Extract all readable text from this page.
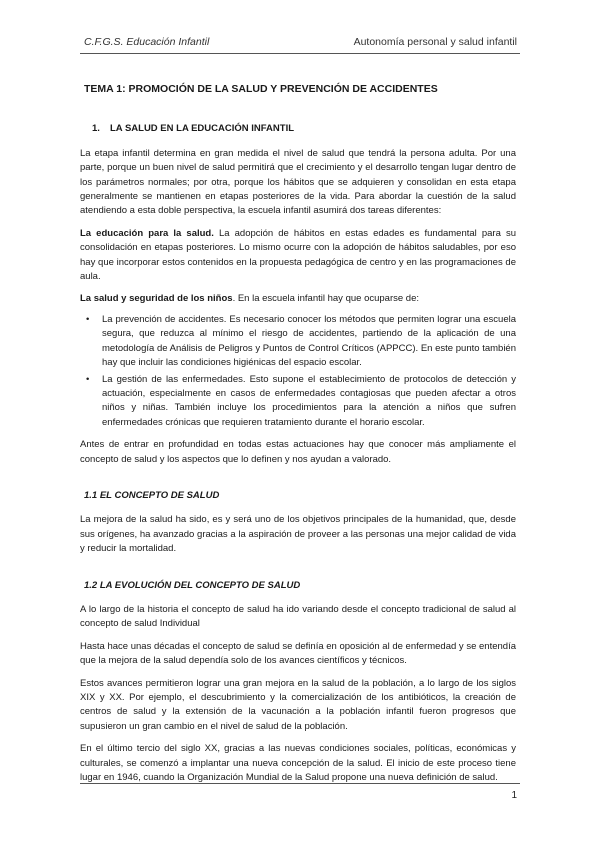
C.F.G.S. Educación Infantil	Autonomía personal y salud infantil
TEMA 1: PROMOCIÓN DE LA SALUD Y PREVENCIÓN DE ACCIDENTES
1. LA SALUD EN LA EDUCACIÓN INFANTIL

La etapa infantil determina en gran medida el nivel de salud que tendrá la persona adulta. Por una parte, porque un buen nivel de salud permitirá que el crecimiento y el desarrollo tengan lugar dentro de los parámetros normales; por otra, porque los hábitos que se adquieren y consolidan en esta etapa generalmente se mantienen en etapas posteriores de la vida. Para abordar la cuestión de la salud atendiendo a esta doble perspectiva, la escuela infantil asumirá dos tareas diferentes:

La educación para la salud. La adopción de hábitos en estas edades es fundamental para su consolidación en etapas posteriores. Lo mismo ocurre con la adopción de hábitos saludables, por eso hay que incorporar estos contenidos en la propuesta pedagógica de centro y en las programaciones de aula.

La salud y seguridad de los niños. En la escuela infantil hay que ocuparse de:

• La prevención de accidentes. Es necesario conocer los métodos que permiten lograr una escuela segura, que reduzca al mínimo el riesgo de accidentes, partiendo de la aplicación de una metodología de Análisis de Peligros y Puntos de Control Críticos (APPCC). En este punto también hay que incluir las condiciones higiénicas del espacio escolar.
• La gestión de las enfermedades. Esto supone el establecimiento de protocolos de detección y actuación, especialmente en casos de enfermedades contagiosas que pueden afectar a otros niños y niñas. También incluye los procedimientos para la atención a niños que sufren enfermedades crónicas que requieren tratamiento durante el horario escolar.

Antes de entrar en profundidad en todas estas actuaciones hay que conocer más ampliamente el concepto de salud y los aspectos que lo definen y nos ayudan a valorado.

1.1 EL CONCEPTO DE SALUD

La mejora de la salud ha sido, es y será uno de los objetivos principales de la humanidad, que, desde sus orígenes, ha avanzado gracias a la aspiración de proveer a las personas una mejor calidad de vida y reducir la mortalidad.

1.2 LA EVOLUCIÓN DEL CONCEPTO DE SALUD

A lo largo de la historia el concepto de salud ha ido variando desde el concepto tradicional de salud al concepto de salud Individual

Hasta hace unas décadas el concepto de salud se definía en oposición al de enfermedad y se entendía que la mejora de la salud dependía solo de los avances científicos y técnicos.

Estos avances permitieron lograr una gran mejora en la salud de la población, a lo largo de los siglos XIX y XX. Por ejemplo, el descubrimiento y la comercialización de los antibióticos, la creación de centros de salud y la extensión de la vacunación a la población infantil fueron progresos que supusieron un gran cambio en el nivel de salud de la población.

En el último tercio del siglo XX, gracias a las nuevas condiciones sociales, políticas, económicas y culturales, se comenzó a implantar una nueva concepción de la salud. El inicio de este proceso tiene lugar en 1946, cuando la Organización Mundial de la Salud propone una nueva definición de salud.

1
